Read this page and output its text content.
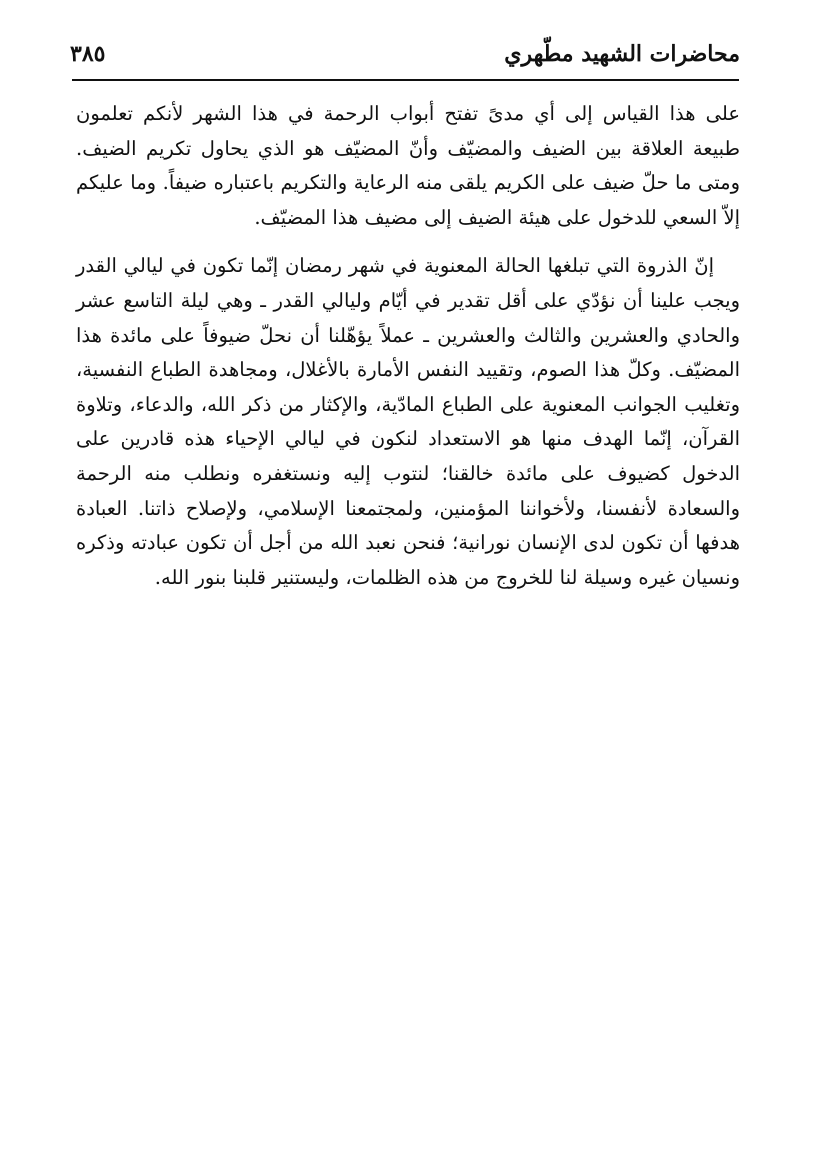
محاضرات الشهيد مطّهري
٣٨٥

على هذا القياس إلى أي مدىً تفتح أبواب الرحمة في هذا الشهر لأنكم تعلمون طبيعة العلاقة بين الضيف والمضيّف وأنّ المضيّف هو الذي يحاول تكريم الضيف. ومتى ما حلّ ضيف على الكريم يلقى منه الرعاية والتكريم باعتباره ضيفاً. وما عليكم إلاّ السعي للدخول على هيئة الضيف إلى مضيف هذا المضيّف.

إنّ الذروة التي تبلغها الحالة المعنوية في شهر رمضان إنّما تكون في ليالي القدر ويجب علينا أن نؤدّي على أقل تقدير في أيّام وليالي القدر ـ وهي ليلة التاسع عشر والحادي والعشرين والثالث والعشرين ـ عملاً يؤهّلنا أن نحلّ ضيوفاً على مائدة هذا المضيّف. وكلّ هذا الصوم، وتقييد النفس الأمارة بالأغلال، ومجاهدة الطباع النفسية، وتغليب الجوانب المعنوية على الطباع المادّية، والإكثار من ذكر الله، والدعاء، وتلاوة القرآن، إنّما الهدف منها هو الاستعداد لنكون في ليالي الإحياء هذه قادرين على الدخول كضيوف على مائدة خالقنا؛ لنتوب إليه ونستغفره ونطلب منه الرحمة والسعادة لأنفسنا، ولأخواننا المؤمنين، ولمجتمعنا الإسلامي، ولإصلاح ذاتنا. العبادة هدفها أن تكون لدى الإنسان نورانية؛ فنحن نعبد الله من أجل أن تكون عبادته وذكره ونسيان غيره وسيلة لنا للخروج من هذه الظلمات، وليستنير قلبنا بنور الله.
